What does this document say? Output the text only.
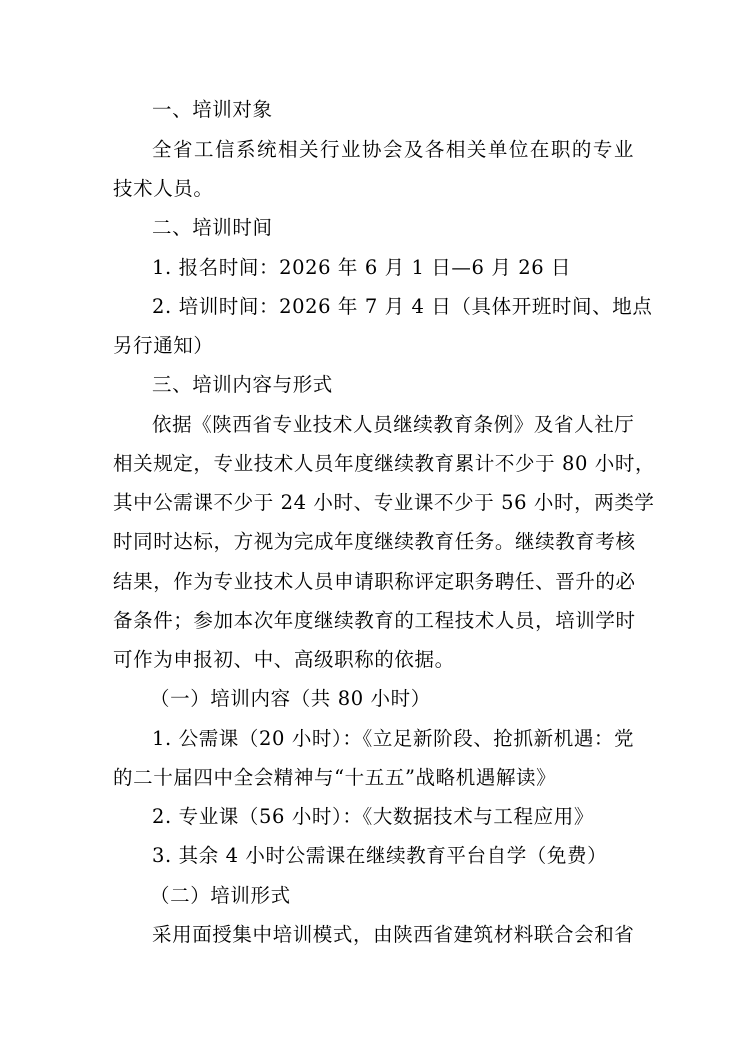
一、培训对象
全省工信系统相关行业协会及各相关单位在职的专业
技术人员。
二、培训时间
1. 报名时间：2026 年 6 月 1 日—6 月 26 日
2. 培训时间：2026 年 7 月 4 日（具体开班时间、地点
另行通知）
三、培训内容与形式
依据《陕西省专业技术人员继续教育条例》及省人社厅
相关规定，专业技术人员年度继续教育累计不少于 80 小时，
其中公需课不少于 24 小时、专业课不少于 56 小时，两类学
时同时达标，方视为完成年度继续教育任务。继续教育考核
结果，作为专业技术人员申请职称评定职务聘任、晋升的必
备条件；参加本次年度继续教育的工程技术人员，培训学时
可作为申报初、中、高级职称的依据。
（一）培训内容（共 80 小时）
1. 公需课（20 小时）：《立足新阶段、抢抓新机遇：党
的二十届四中全会精神与“十五五”战略机遇解读》
2. 专业课（56 小时）：《大数据技术与工程应用》
3. 其余 4 小时公需课在继续教育平台自学（免费）
（二）培训形式
采用面授集中培训模式，由陕西省建筑材料联合会和省
